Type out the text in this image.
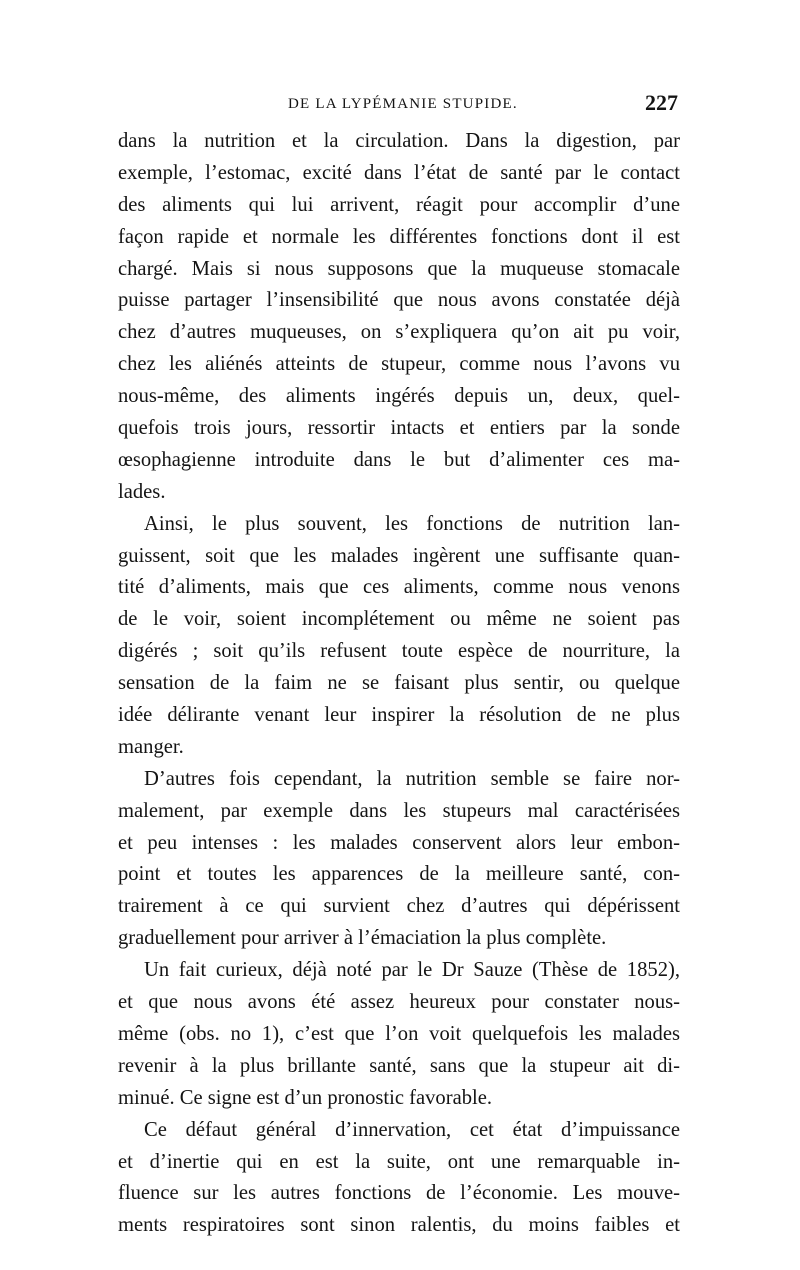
DE LA LYPÉMANIE STUPIDE.	227
dans la nutrition et la circulation. Dans la digestion, par
exemple, l’estomac, excité dans l’état de santé par le contact
des aliments qui lui arrivent, réagit pour accomplir d’une
façon rapide et normale les différentes fonctions dont il est
chargé. Mais si nous supposons que la muqueuse stomacale
puisse partager l’insensibilité que nous avons constatée déjà
chez d’autres muqueuses, on s’expliquera qu’on ait pu voir,
chez les aliénés atteints de stupeur, comme nous l’avons vu
nous-même, des aliments ingérés depuis un, deux, quel-
quefois trois jours, ressortir intacts et entiers par la sonde
œsophagienne introduite dans le but d’alimenter ces ma-
lades.
Ainsi, le plus souvent, les fonctions de nutrition lan-
guissent, soit que les malades ingèrent une suffisante quan-
tité d’aliments, mais que ces aliments, comme nous venons
de le voir, soient incomplétement ou même ne soient pas
digérés ; soit qu’ils refusent toute espèce de nourriture, la
sensation de la faim ne se faisant plus sentir, ou quelque
idée délirante venant leur inspirer la résolution de ne plus
manger.
D’autres fois cependant, la nutrition semble se faire nor-
malement, par exemple dans les stupeurs mal caractérisées
et peu intenses : les malades conservent alors leur embon-
point et toutes les apparences de la meilleure santé, con-
trairement à ce qui survient chez d’autres qui dépérissent
graduellement pour arriver à l’émaciation la plus complète.
Un fait curieux, déjà noté par le Dr Sauze (Thèse de 1852),
et que nous avons été assez heureux pour constater nous-
même (obs. no 1), c’est que l’on voit quelquefois les malades
revenir à la plus brillante santé, sans que la stupeur ait di-
minué. Ce signe est d’un pronostic favorable.
Ce défaut général d’innervation, cet état d’impuissance
et d’inertie qui en est la suite, ont une remarquable in-
fluence sur les autres fonctions de l’économie. Les mouve-
ments respiratoires sont sinon ralentis, du moins faibles et
